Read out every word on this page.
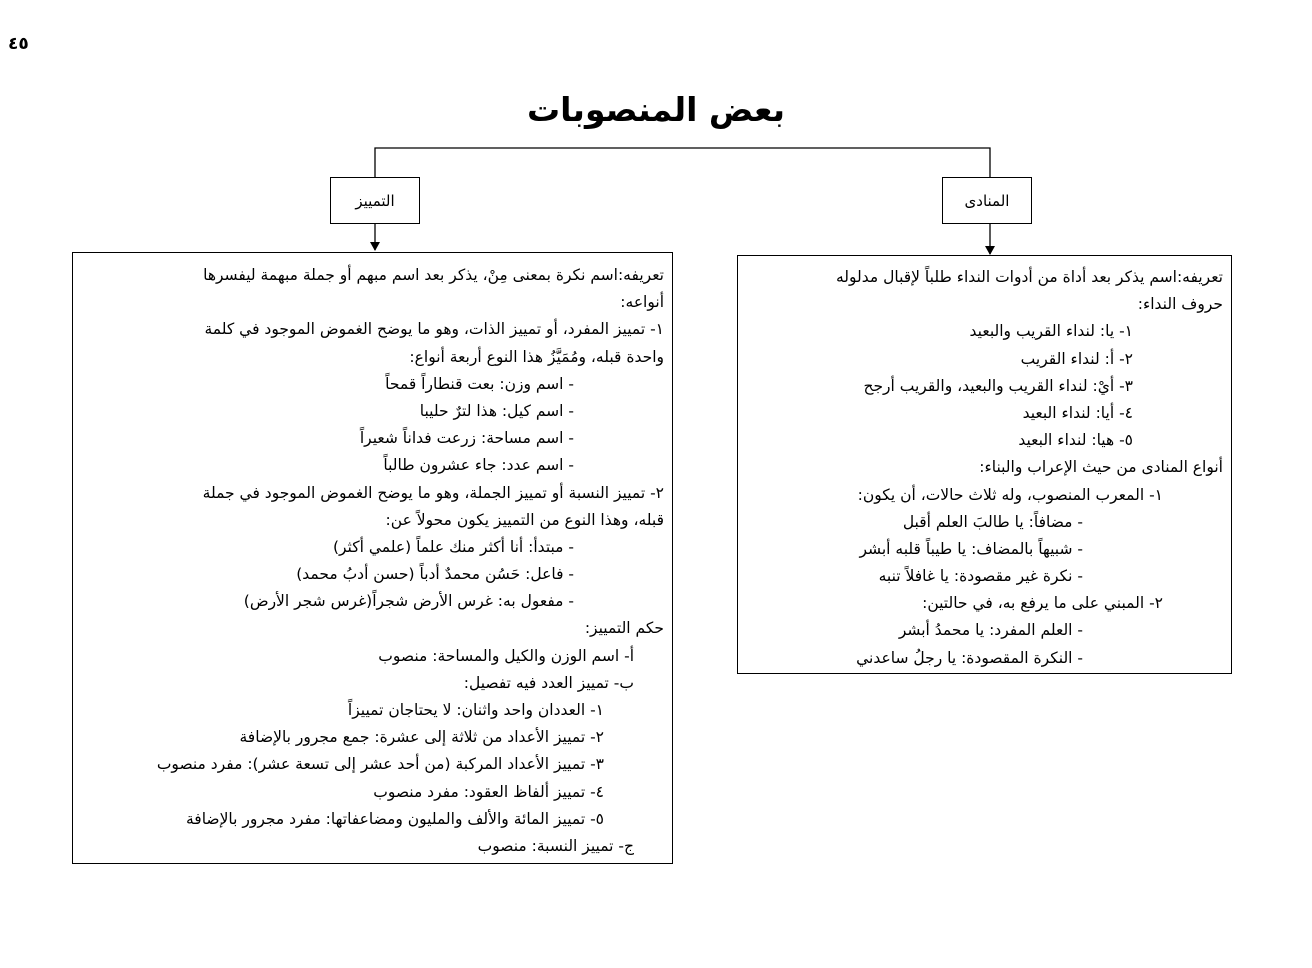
٤٥
بعض المنصوبات
التمييز	المنادى
تعريفه:اسم نكرة بمعنى مِنْ، يذكر بعد اسم مبهم أو جملة مبهمة ليفسرها
أنواعه:
١- تمييز المفرد، أو تمييز الذات، وهو ما يوضح الغموض الموجود في كلمة
واحدة قبله، ومُمَيَّزُ هذا النوع أربعة أنواع:
- اسم وزن: بعت قنطاراً قمحاً
- اسم كيل: هذا لترٌ حليبا
- اسم مساحة: زرعت فداناً شعيراً
- اسم عدد: جاء عشرون طالباً
٢- تمييز النسبة أو تمييز الجملة، وهو ما يوضح الغموض الموجود في جملة
قبله، وهذا النوع من التمييز يكون محولاً عن:
- مبتدأ: أنا أكثر منك علماً (علمي أكثر)
- فاعل: حَسُن محمدٌ أدباً (حسن أدبُ محمد)
- مفعول به: غرس الأرض شجراً(غرس شجر الأرض)
حكم التمييز:
أ- اسم الوزن والكيل والمساحة: منصوب
ب- تمييز العدد فيه تفصيل:
١- العددان واحد واثنان: لا يحتاجان تمييزاً
٢- تمييز الأعداد من ثلاثة إلى عشرة: جمع مجرور بالإضافة
٣- تمييز الأعداد المركبة (من أحد عشر إلى تسعة عشر): مفرد منصوب
٤- تمييز ألفاظ العقود: مفرد منصوب
٥- تمييز المائة والألف والمليون ومضاعفاتها: مفرد مجرور بالإضافة
ج- تمييز النسبة: منصوب
تعريفه:اسم يذكر بعد أداة من أدوات النداء طلباً لإقبال مدلوله
حروف النداء:
١- يا: لنداء القريب والبعيد
٢- أ: لنداء القريب
٣- أيْ: لنداء القريب والبعيد، والقريب أرجح
٤- أيا: لنداء البعيد
٥- هيا: لنداء البعيد
أنواع المنادى من حيث الإعراب والبناء:
١- المعرب المنصوب، وله ثلاث حالات، أن يكون:
- مضافاً: يا طالبَ العلم أقبل
- شبيهاً بالمضاف: يا طيباً قلبه أبشر
- نكرة غير مقصودة: يا غافلاً تنبه
٢- المبني على ما يرفع به، في حالتين:
- العلم المفرد: يا محمدُ أبشر
- النكرة المقصودة: يا رجلُ ساعدني
